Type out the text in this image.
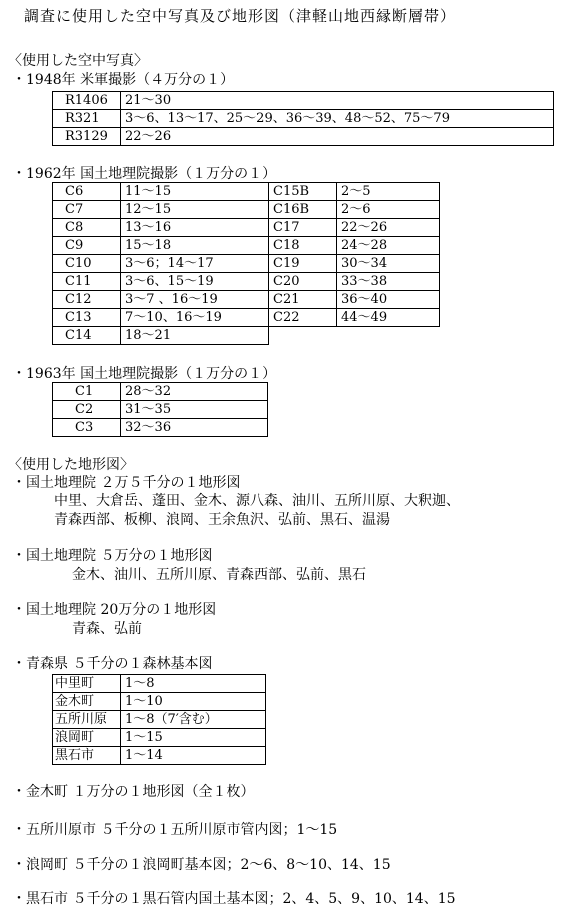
調査に使用した空中写真及び地形図（津軽山地西縁断層帯）
〈使用した空中写真〉
・1948年 米軍撮影（４万分の１）
R1406	21〜30
R321	3〜6、13〜17、25〜29、36〜39、48〜52、75〜79
R3129	22〜26
・1962年 国土地理院撮影（１万分の１）
C6	11〜15	C15B	2〜5
C7	12〜15	C16B	2〜6
C8	13〜16	C17	22〜26
C9	15〜18	C18	24〜28
C10	3〜6；14〜17	C19	30〜34
C11	3〜6、15〜19	C20	33〜38
C12	3〜7 、16〜19	C21	36〜40
C13	7〜10、16〜19	C22	44〜49
C14	18〜21		
・1963年 国土地理院撮影（１万分の１）
C1	28〜32
C2	31〜35
C3	32〜36
〈使用した地形図〉
・国土地理院 ２万５千分の１地形図
中里、大倉岳、蓬田、金木、源八森、油川、五所川原、大釈迦、
青森西部、板柳、浪岡、王余魚沢、弘前、黒石、温湯
・国土地理院 ５万分の１地形図
金木、油川、五所川原、青森西部、弘前、黒石
・国土地理院 20万分の１地形図
青森、弘前
・青森県 ５千分の１森林基本図
中里町	1〜8
金木町	1〜10
五所川原	1〜8（7′含む）
浪岡町	1〜15
黒石市	1〜14
・金木町 １万分の１地形図（全１枚）
・五所川原市 ５千分の１五所川原市管内図；1〜15
・浪岡町 ５千分の１浪岡町基本図；2〜6、8〜10、14、15
・黒石市 ５千分の１黒石管内国土基本図；2、4、5、9、10、14、15
